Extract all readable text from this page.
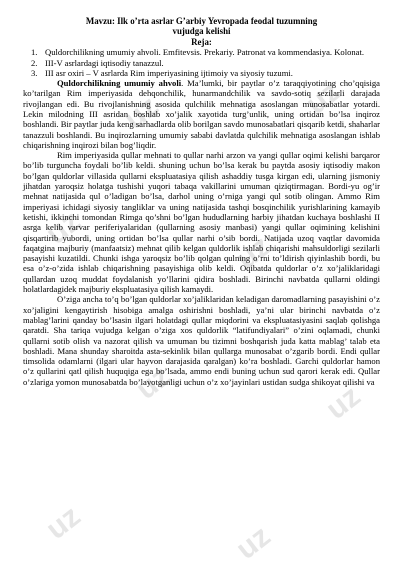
uz	uz
uz
uz
uz	uz
uz	uz
Mavzu: Ilk o’rta asrlar G’arbiy Yevropada feodal tuzumning
vujudga kelishi
Reja:
1. Quldorchilikning umumiy ahvoli. Emfitevsis. Prekariy. Patronat va kommendasiya. Kolonat.
2. III-V asrlardagi iqtisodiy tanazzul.
3. III asr oxiri – V asrlarda Rim imperiyasining ijtimoiy va siyosiy tuzumi.

Quldorchilikning umumiy ahvoli. Ma’lumki, bir paytlar o’z taraqqiyotining cho’qqisiga ko’tarilgan Rim imperiyasida dehqonchilik, hunarmandchilik va savdo-sotiq sezilarli darajada rivojlangan edi. Bu rivojlanishning asosida qulchilik mehnatiga asoslangan munosabatlar yotardi. Lekin milodning III asridan boshlab xo’jalik xayotida turg’unlik, uning ortidan bo’lsa inqiroz boshlandi. Bir paytlar juda keng sarhadlarda olib borilgan savdo munosabatlari qisqarib ketdi, shaharlar tanazzuli boshlandi. Bu inqirozlarning umumiy sababi davlatda qulchilik mehnatiga asoslangan ishlab chiqarishning inqirozi bilan bog’liqdir.

Rim imperiyasida qullar mehnati to qullar narhi arzon va yangi qullar oqimi kelishi barqaror bo’lib turguncha foydali bo’lib keldi. shuning uchun bo’lsa kerak bu paytda asosiy iqtisodiy makon bo’lgan quldorlar villasida qullarni ekspluatasiya qilish ashaddiy tusga kirgan edi, ularning jismoniy jihatdan yaroqsiz holatga tushishi yuqori tabaqa vakillarini umuman qiziqtirmagan. Bordi-yu og’ir mehnat natijasida qul o’ladigan bo’lsa, darhol uning o’rniga yangi qul sotib olingan. Ammo Rim imperiyasi ichidagi siyosiy tangliklar va uning natijasida tashqi bosqinchilik yurishlarining kamayib ketishi, ikkinchi tomondan Rimga qo’shni bo’lgan hududlarning harbiy jihatdan kuchaya boshlashi II asrga kelib varvar periferiyalaridan (qullarning asosiy manbasi) yangi qullar oqimining kelishini qisqartirib yubordi, uning ortidan bo’lsa qullar narhi o’sib bordi. Natijada uzoq vaqtlar davomida faqatgina majburiy (manfaatsiz) mehnat qilib kelgan quldorlik ishlab chiqarishi mahsuldorligi sezilarli pasayishi kuzatildi. Chunki ishga yaroqsiz bo’lib qolgan qulning o’rni to’ldirish qiyinlashib bordi, bu esa o’z-o’zida ishlab chiqarishning pasayishiga olib keldi. Oqibatda quldorlar o’z xo’jaliklaridagi qullardan uzoq muddat foydalanish yo’llarini qidira boshladi. Birinchi navbatda qullarni oldingi holatlardagidek majburiy ekspluatasiya qilish kamaydi.

O’ziga ancha to’q bo’lgan quldorlar xo’jaliklaridan keladigan daromadlarning pasayishini o’z xo’jaligini kengaytirish hisobiga amalga oshirishni boshladi, ya’ni ular birinchi navbatda o’z mablag’larini qanday bo’lsasin ilgari holatdagi qullar miqdorini va ekspluatasiyasini saqlab qolishga qaratdi. Sha tariqa vujudga kelgan o’ziga xos quldorlik “latifundiyalari” o’zini oqlamadi, chunki qullarni sotib olish va nazorat qilish va umuman bu tizimni boshqarish juda katta mablag’ talab eta boshladi. Mana shunday sharoitda asta-sekinlik bilan qullarga munosabat o’zgarib bordi. Endi qullar timsolida odamlarni (ilgari ular hayvon darajasida qaralgan) ko’ra boshladi. Garchi quldorlar hamon o’z qullarini qatl qilish huquqiga ega bo’lsada, ammo endi buning uchun sud qarori kerak edi. Qullar o’zlariga yomon munosabatda bo’layotganligi uchun o’z xo’jayinlari ustidan sudga shikoyat qilishi va
